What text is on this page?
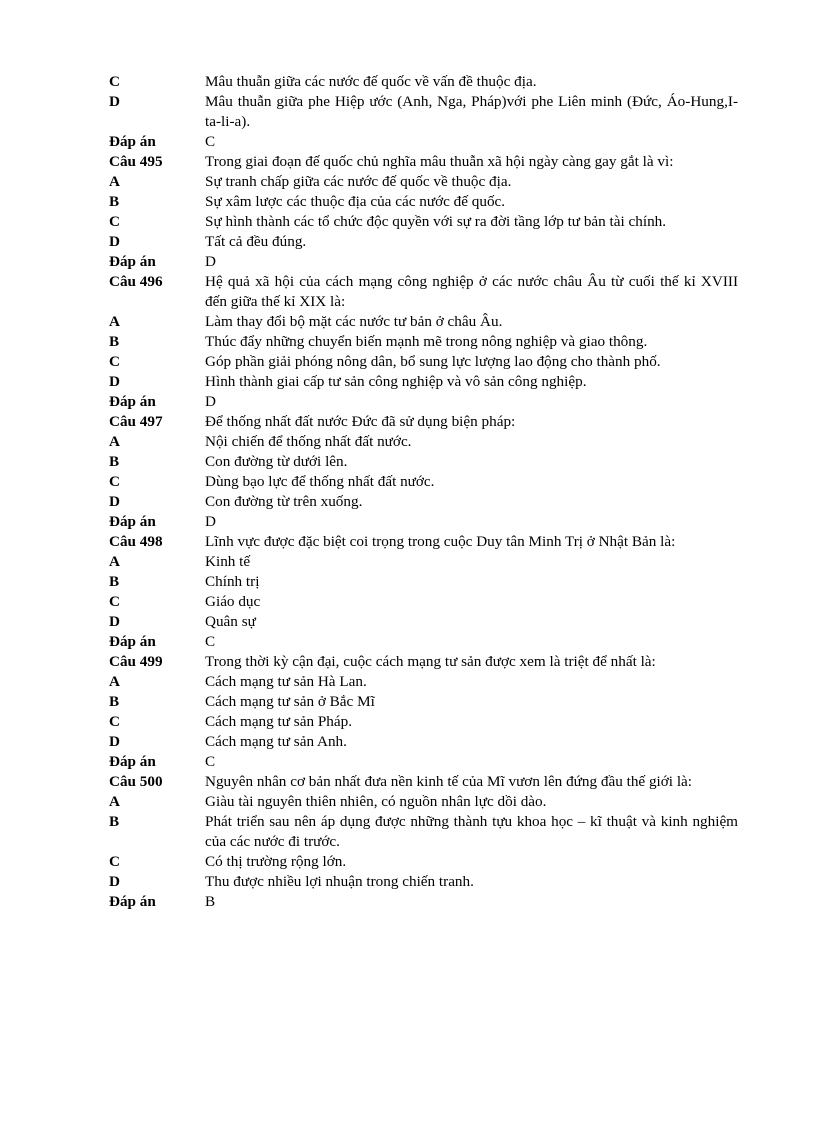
C	Mâu thuẫn giữa các nước đế quốc về vấn đề thuộc địa.
D	Mâu thuẫn giữa phe Hiệp ước (Anh, Nga, Pháp)với phe Liên minh (Đức, Áo-Hung,I-ta-li-a).
Đáp án	C
Câu 495	Trong giai đoạn đế quốc chủ nghĩa mâu thuẫn xã hội ngày càng gay gắt là vì:
A	Sự tranh chấp giữa các nước đế quốc về thuộc địa.
B	Sự xâm lược các thuộc địa của các nước đế quốc.
C	Sự hình thành các tổ chức độc quyền với sự ra đời tầng lớp tư bản tài chính.
D	Tất cả đều đúng.
Đáp án	D
Câu 496	Hệ quả xã hội của cách mạng công nghiệp ở các nước châu Âu từ cuối thế kỉ XVIII đến giữa thế kỉ XIX là:
A	Làm thay đổi bộ mặt các nước tư bản ở châu Âu.
B	Thúc đẩy những chuyển biến mạnh mẽ trong nông nghiệp và giao thông.
C	Góp phần giải phóng nông dân, bổ sung lực lượng lao động cho thành phố.
D	Hình thành giai cấp tư sản công nghiệp và vô sản công nghiệp.
Đáp án	D
Câu 497	Để thống nhất đất nước Đức đã sử dụng biện pháp:
A	Nội chiến để thống nhất đất nước.
B	Con đường từ dưới lên.
C	Dùng bạo lực để thống nhất đất nước.
D	Con đường từ trên xuống.
Đáp án	D
Câu 498	Lĩnh vực được đặc biệt coi trọng trong cuộc Duy tân Minh Trị ở Nhật Bản là:
A	Kinh tế
B	Chính trị
C	Giáo dục
D	Quân sự
Đáp án	C
Câu 499	Trong thời kỳ cận đại, cuộc cách mạng tư sản được xem là triệt để nhất là:
A	Cách mạng tư sản Hà Lan.
B	Cách mạng tư sản ở Bắc Mĩ
C	Cách mạng tư sản Pháp.
D	Cách mạng tư sản Anh.
Đáp án	C
Câu 500	Nguyên nhân cơ bản nhất đưa nền kinh tế của Mĩ vươn lên đứng đầu thế giới là:
A	Giàu tài nguyên thiên nhiên, có nguồn nhân lực dồi dào.
B	Phát triển sau nên áp dụng được những thành tựu khoa học – kĩ thuật và kinh nghiệm của các nước đi trước.
C	Có thị trường rộng lớn.
D	Thu được nhiều lợi nhuận trong chiến tranh.
Đáp án	B
